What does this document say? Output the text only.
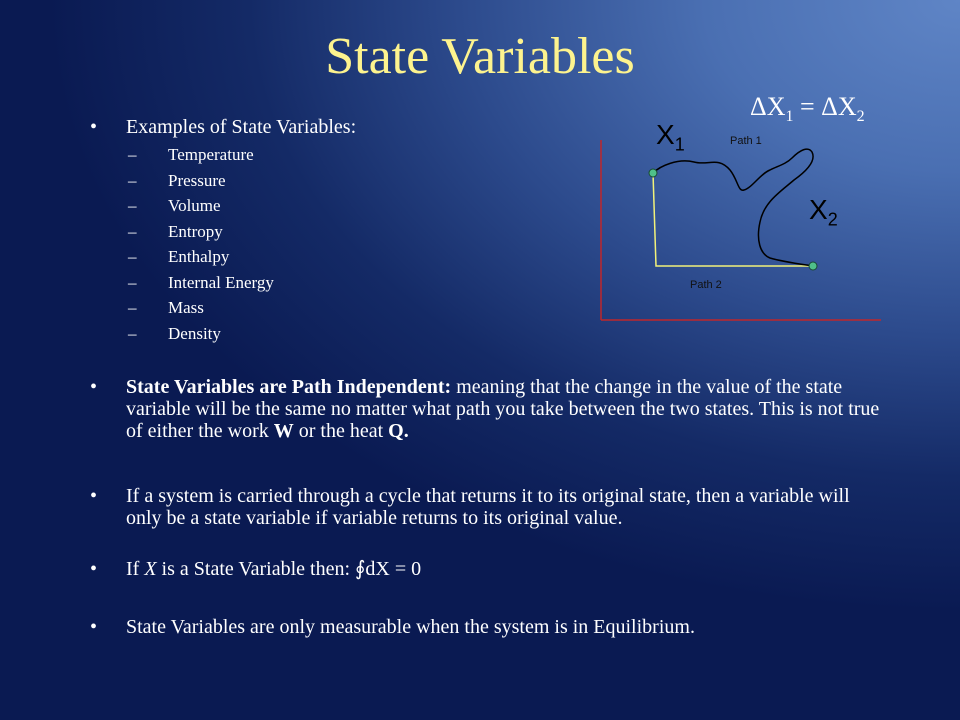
State Variables
• Examples of State Variables:
– Temperature
– Pressure
– Volume
– Entropy
– Enthalpy
– Internal Energy
– Mass
– Density
• State Variables are Path Independent: meaning that the change in the value of the state variable will be the same no matter what path you take between the two states. This is not true of either the work W or the heat Q.
• If a system is carried through a cycle that returns it to its original state, then a variable will only be a state variable if variable returns to its original value.
• If X is a State Variable then: ∮dX = 0
• State Variables are only measurable when the system is in Equilibrium.
$\Delta X_1 = \Delta X_2$
$X_1$
$X_2$
Path 1
Path 2
